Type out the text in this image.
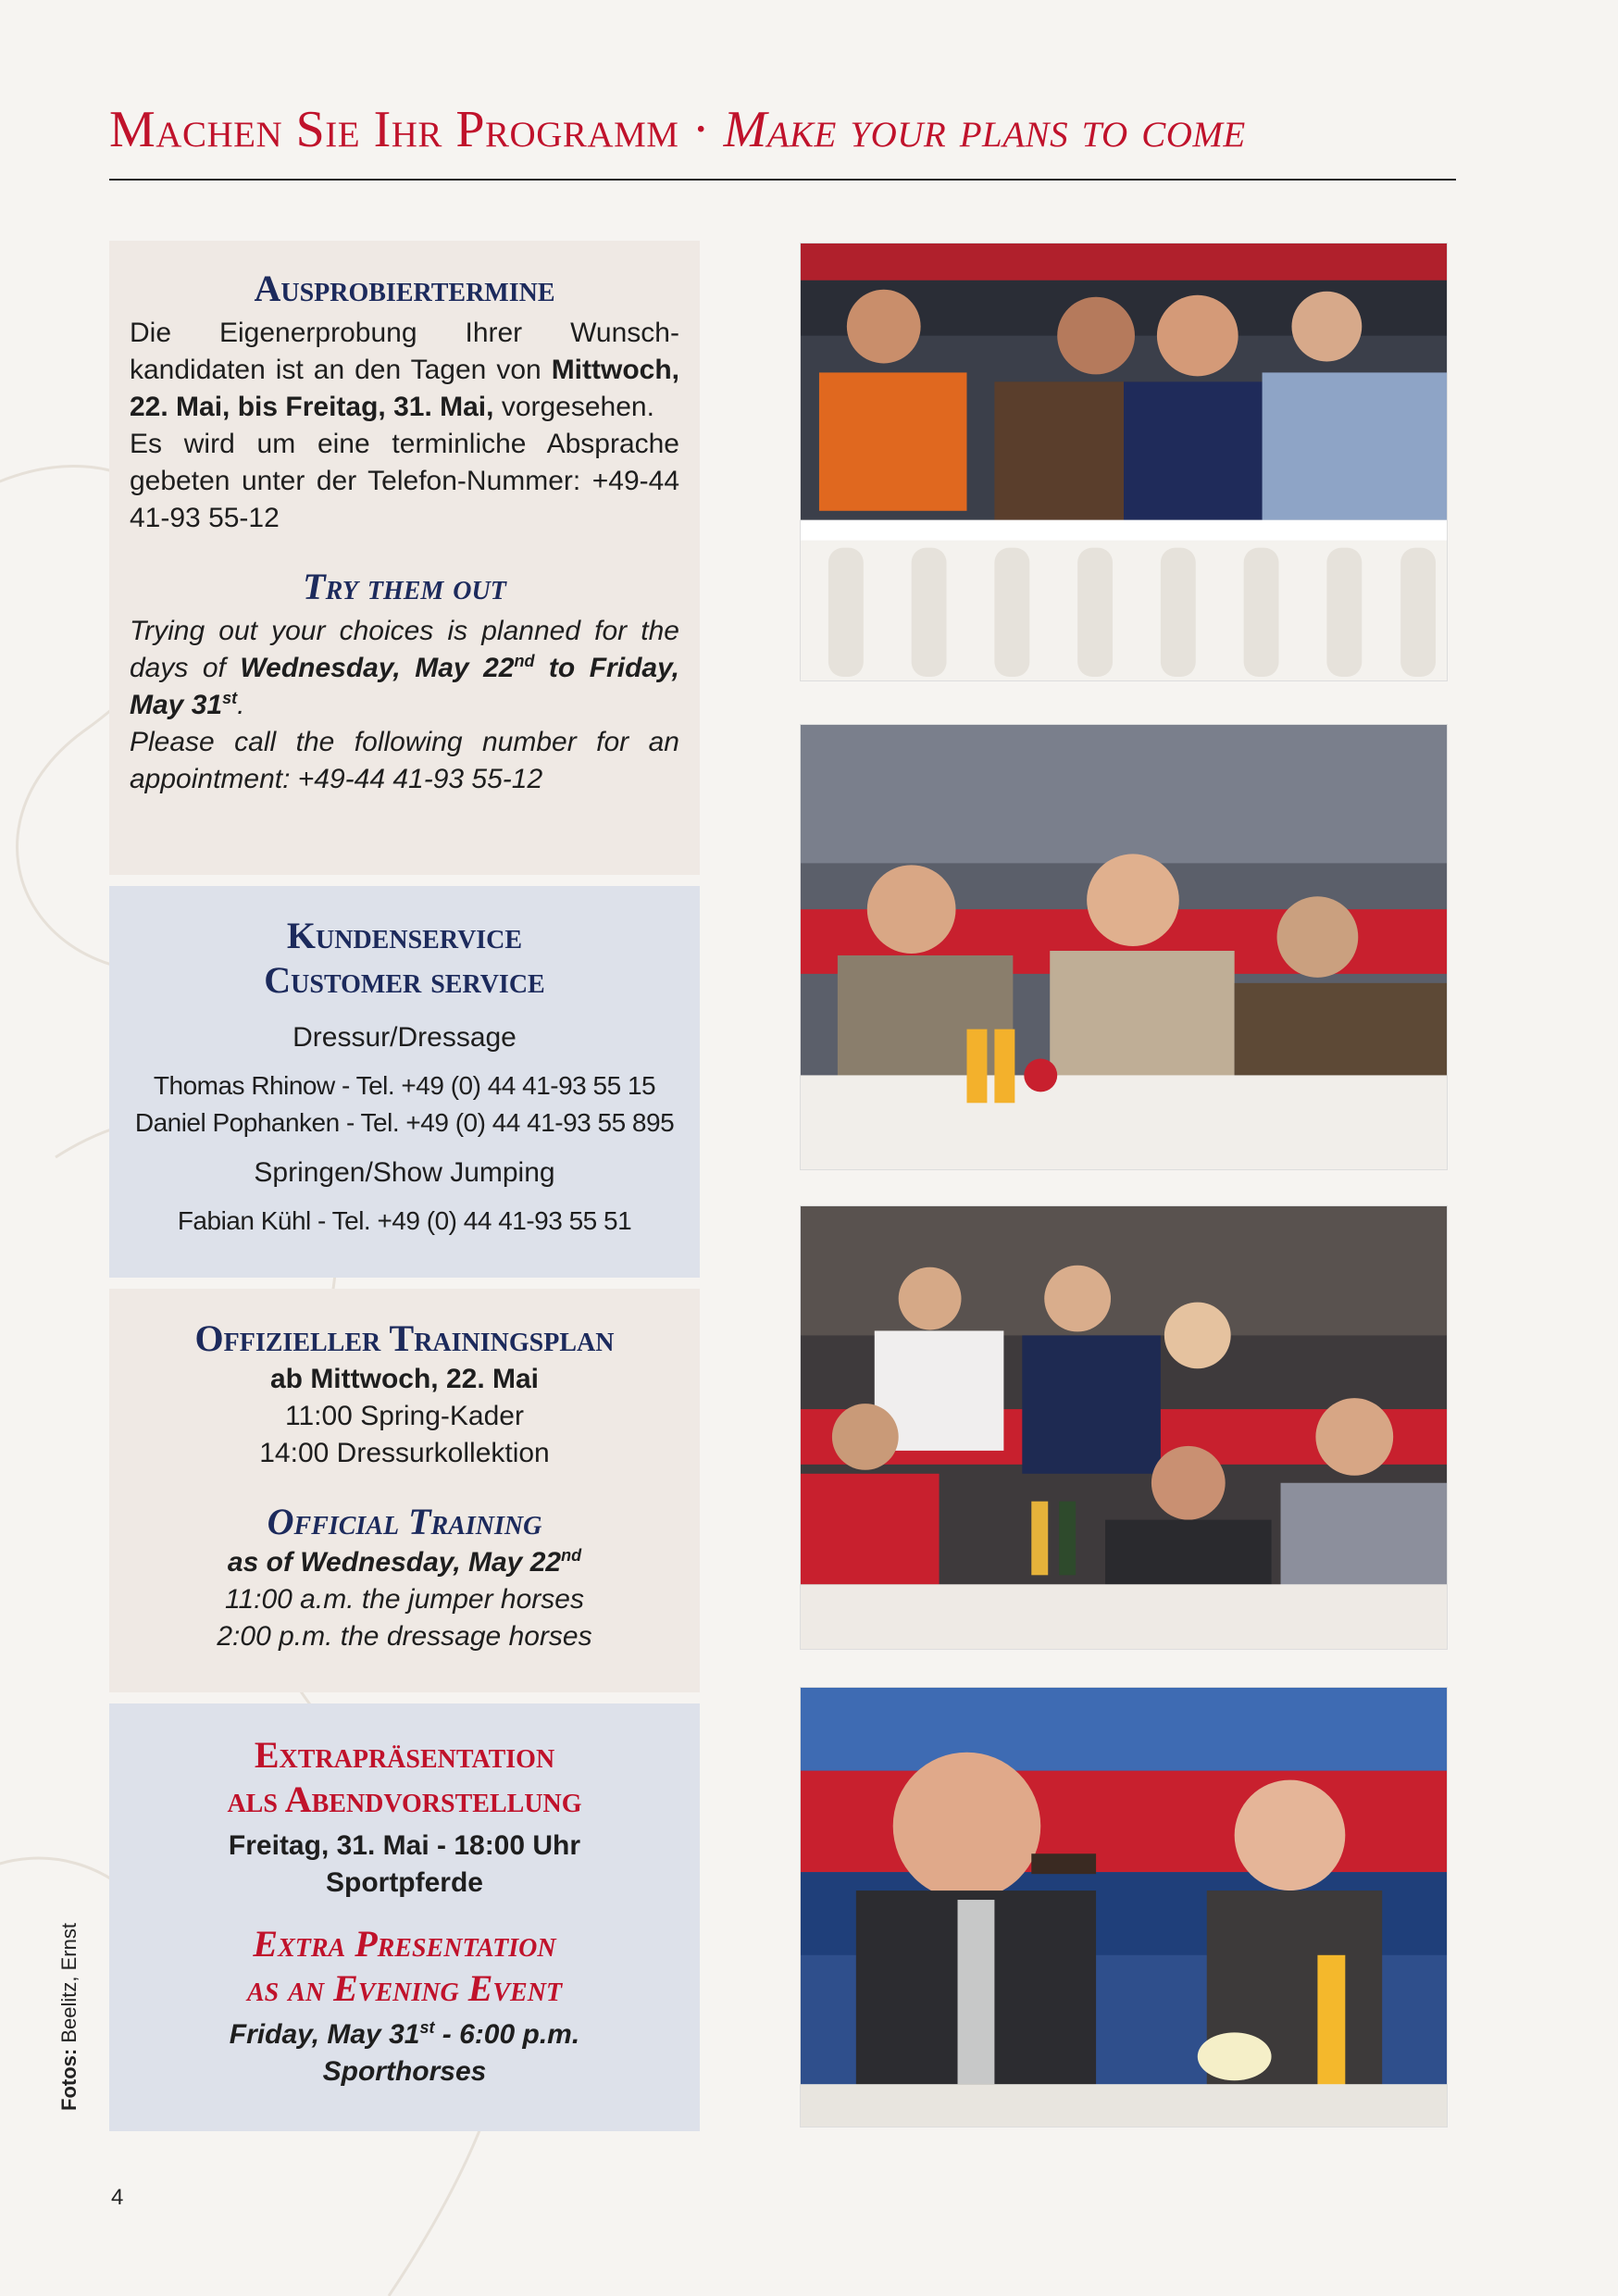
Machen Sie Ihr Programm · Make your plans to come
Ausprobiertermine

Die Eigenerprobung Ihrer Wunschkandidaten ist an den Tagen von Mittwoch, 22. Mai, bis Freitag, 31. Mai, vorgesehen.

Es wird um eine terminliche Absprache gebeten unter der Telefon-Nummer: +49-44 41-93 55-12

Try them out

Trying out your choices is planned for the days of Wednesday, May 22nd to Friday, May 31st.

Please call the following number for an appointment: +49-44 41-93 55-12

Kundenservice
Customer service
Dressur/Dressage
Thomas Rhinow - Tel. +49 (0) 44 41-93 55 15
Daniel Pophanken - Tel. +49 (0) 44 41-93 55 895
Springen/Show Jumping
Fabian Kühl - Tel. +49 (0) 44 41-93 55 51
Offizieller Trainingsplan
ab Mittwoch, 22. Mai
11:00 Spring-Kader
14:00 Dressurkollektion
Official Training
as of Wednesday, May 22nd
11:00 a.m. the jumper horses
2:00 p.m. the dressage horses
Extrapräsentation
als Abendvorstellung
Freitag, 31. Mai - 18:00 Uhr
Sportpferde
Extra Presentation
as an Evening Event
Friday, May 31st - 6:00 p.m.
Sporthorses
Fotos: Beelitz, Ernst
4
